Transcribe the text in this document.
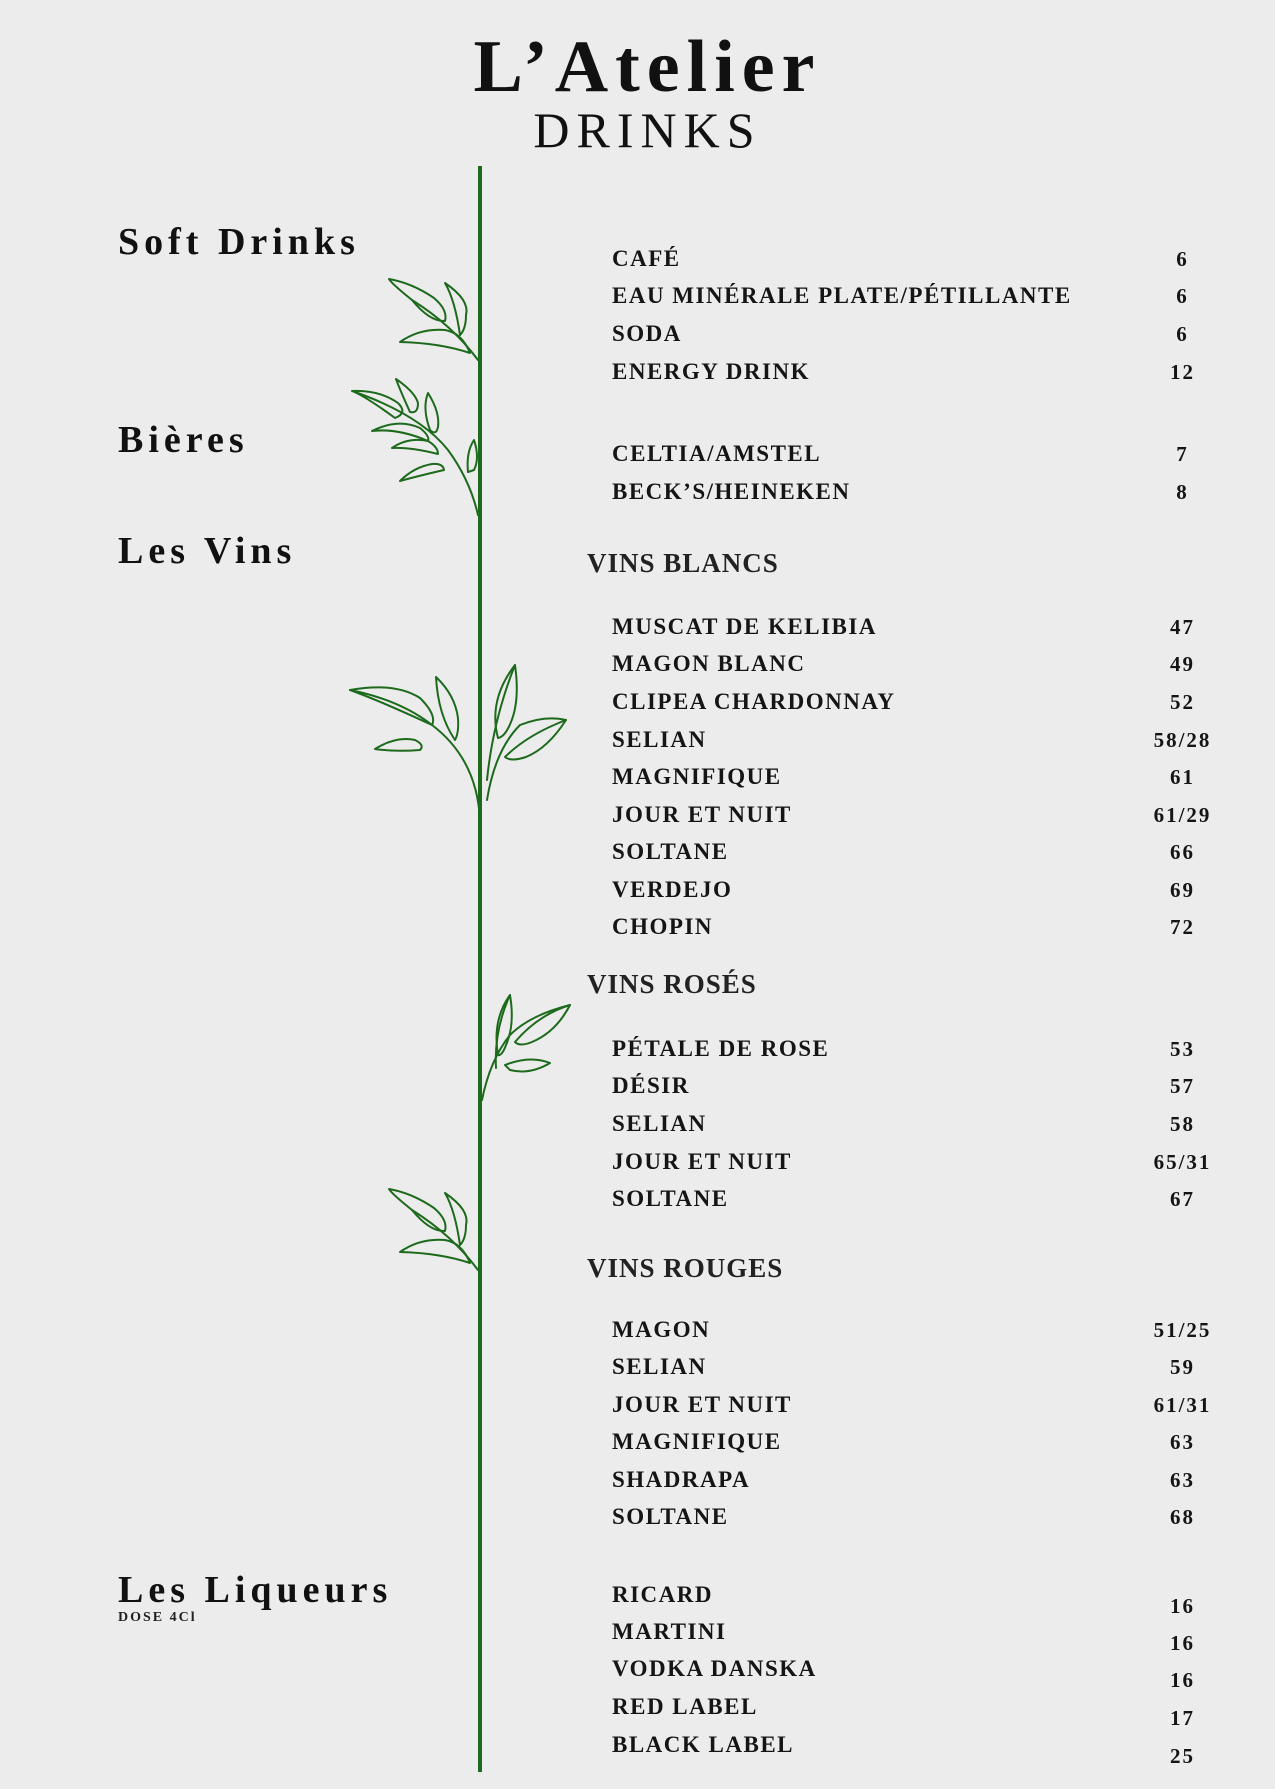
L’Atelier
DRINKS
Soft Drinks
Bières
Les Vins
Les Liqueurs
DOSE 4Cl
CAFÉ	6
EAU MINÉRALE PLATE/PÉTILLANTE	6
SODA	6
ENERGY DRINK	12
CELTIA/AMSTEL	7
BECK’S/HEINEKEN	8
VINS BLANCS
MUSCAT DE KELIBIA	47
MAGON BLANC	49
CLIPEA CHARDONNAY	52
SELIAN	58/28
MAGNIFIQUE	61
JOUR ET NUIT	61/29
SOLTANE	66
VERDEJO	69
CHOPIN	72
VINS ROSÉS
PÉTALE DE ROSE	53
DÉSIR	57
SELIAN	58
JOUR ET NUIT	65/31
SOLTANE	67
VINS ROUGES
MAGON	51/25
SELIAN	59
JOUR ET NUIT	61/31
MAGNIFIQUE	63
SHADRAPA	63
SOLTANE	68
RICARD	16
MARTINI	16
VODKA DANSKA	16
RED LABEL	17
BLACK LABEL	25
